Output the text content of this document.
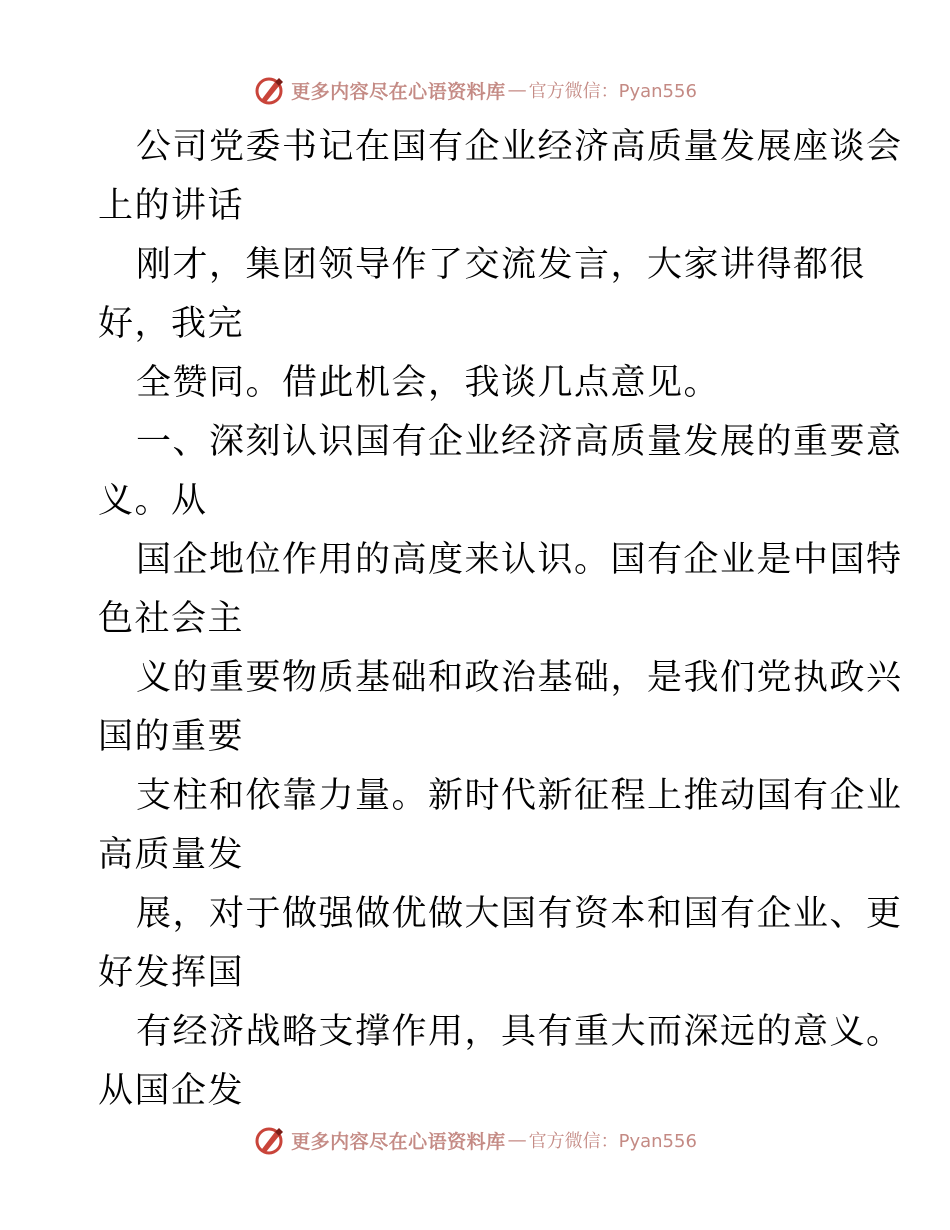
更多内容尽在心语资料库 — 官方微信：Pyan556
公司党委书记在国有企业经济高质量发展座谈会
上的讲话
刚才，集团领导作了交流发言，大家讲得都很
好，我完
全赞同。借此机会，我谈几点意见。
一、深刻认识国有企业经济高质量发展的重要意
义。从
国企地位作用的高度来认识。国有企业是中国特
色社会主
义的重要物质基础和政治基础，是我们党执政兴
国的重要
支柱和依靠力量。新时代新征程上推动国有企业
高质量发
展，对于做强做优做大国有资本和国有企业、更
好发挥国
有经济战略支撑作用，具有重大而深远的意义。
从国企发
更多内容尽在心语资料库 — 官方微信：Pyan556
